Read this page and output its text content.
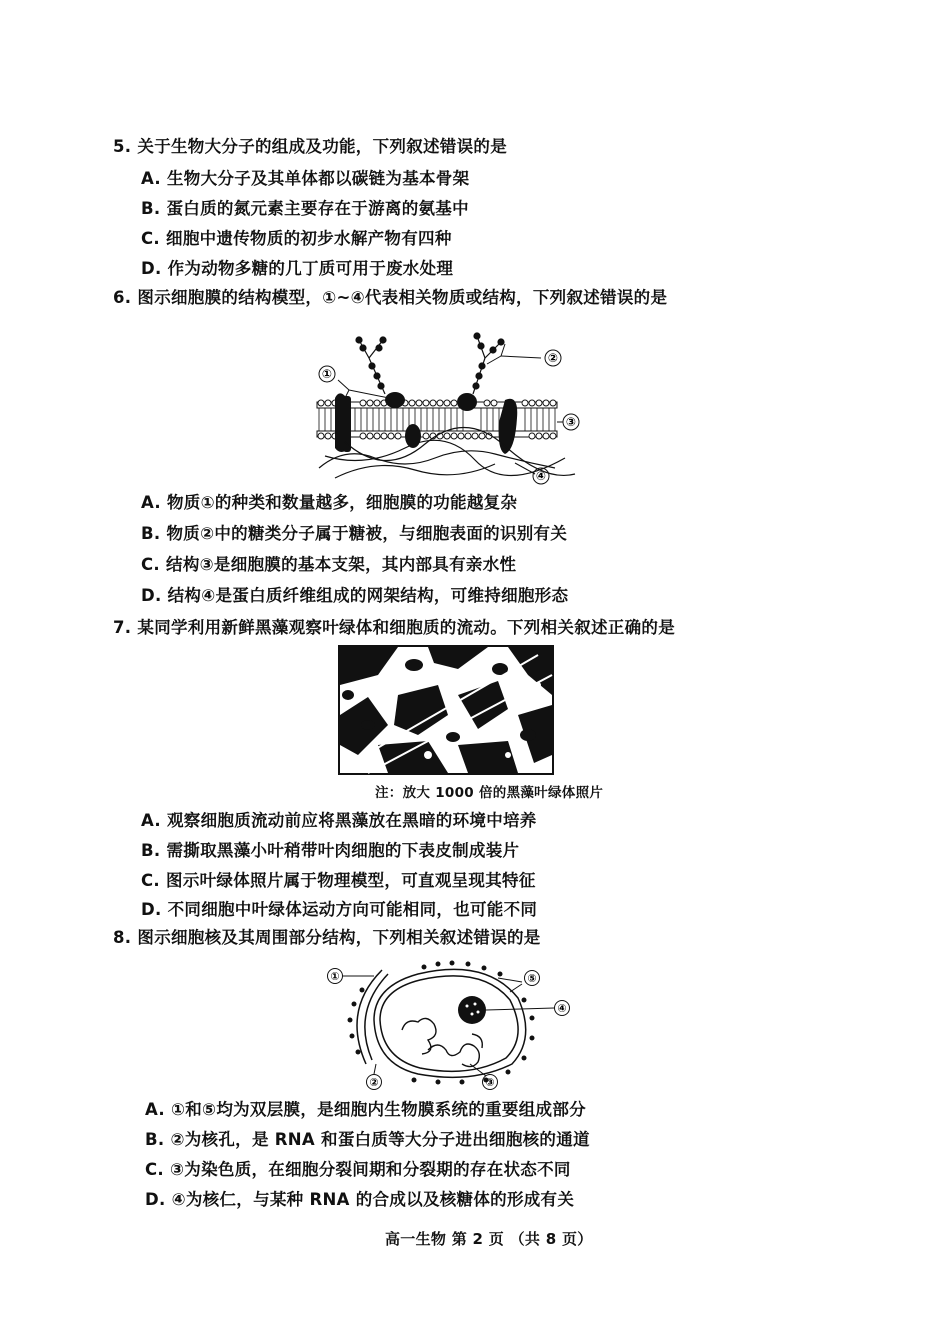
5. 关于生物大分子的组成及功能，下列叙述错误的是
A. 生物大分子及其单体都以碳链为基本骨架
B. 蛋白质的氮元素主要存在于游离的氨基中
C. 细胞中遗传物质的初步水解产物有四种
D. 作为动物多糖的几丁质可用于废水处理
6. 图示细胞膜的结构模型，①~④代表相关物质或结构，下列叙述错误的是
①
②
③
④
A. 物质①的种类和数量越多，细胞膜的功能越复杂
B. 物质②中的糖类分子属于糖被，与细胞表面的识别有关
C. 结构③是细胞膜的基本支架，其内部具有亲水性
D. 结构④是蛋白质纤维组成的网架结构，可维持细胞形态
7. 某同学利用新鲜黑藻观察叶绿体和细胞质的流动。下列相关叙述正确的是
注：放大 1000 倍的黑藻叶绿体照片
A. 观察细胞质流动前应将黑藻放在黑暗的环境中培养
B. 需撕取黑藻小叶稍带叶肉细胞的下表皮制成装片
C. 图示叶绿体照片属于物理模型，可直观呈现其特征
D. 不同细胞中叶绿体运动方向可能相同，也可能不同
8. 图示细胞核及其周围部分结构，下列相关叙述错误的是
①
②	③
④
⑤
A. ①和⑤均为双层膜，是细胞内生物膜系统的重要组成部分
B. ②为核孔，是 RNA 和蛋白质等大分子进出细胞核的通道
C. ③为染色质，在细胞分裂间期和分裂期的存在状态不同
D. ④为核仁，与某种 RNA 的合成以及核糖体的形成有关
高一生物 第 2 页 （共 8 页）
